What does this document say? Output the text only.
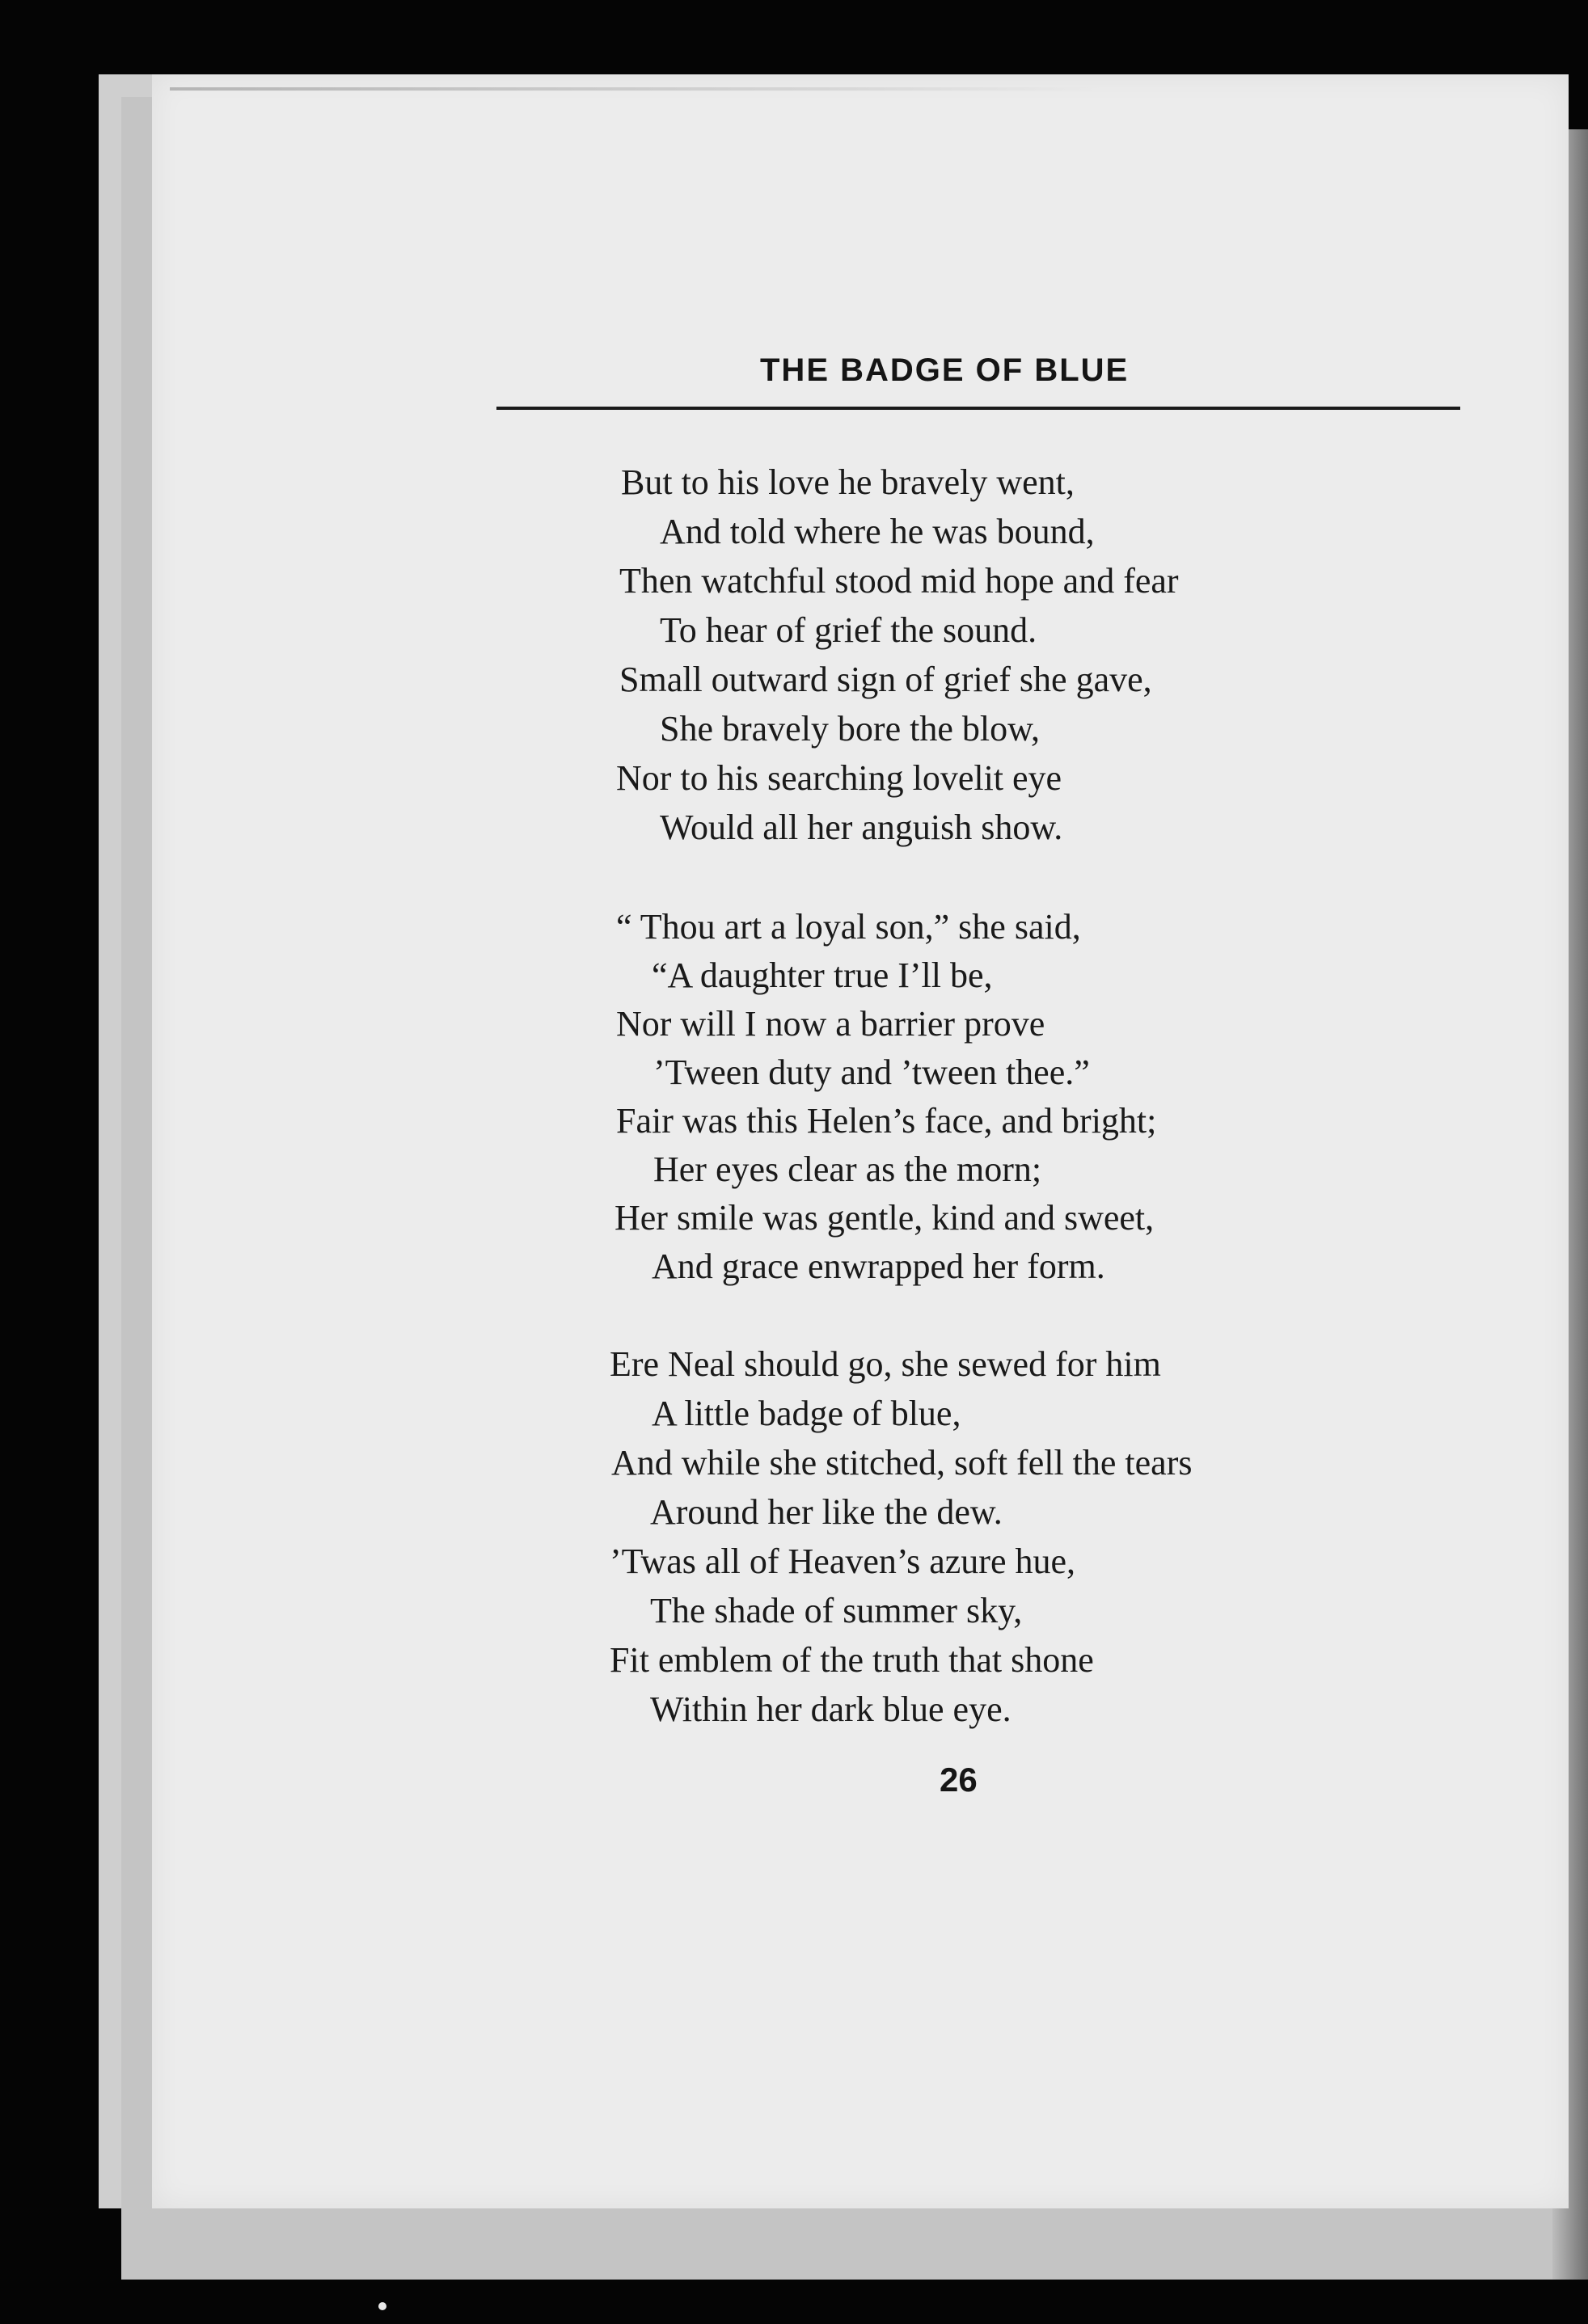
THE BADGE OF BLUE
But to his love he bravely went,
And told where he was bound,
Then watchful stood mid hope and fear
To hear of grief the sound.
Small outward sign of grief she gave,
She bravely bore the blow,
Nor to his searching lovelit eye
Would all her anguish show.
“ Thou art a loyal son,” she said,
“A daughter true I’ll be,
Nor will I now a barrier prove
’Tween duty and ’tween thee.”
Fair was this Helen’s face, and bright;
Her eyes clear as the morn;
Her smile was gentle, kind and sweet,
And grace enwrapped her form.
Ere Neal should go, she sewed for him
A little badge of blue,
And while she stitched, soft fell the tears
Around her like the dew.
’Twas all of Heaven’s azure hue,
The shade of summer sky,
Fit emblem of the truth that shone
Within her dark blue eye.
26
